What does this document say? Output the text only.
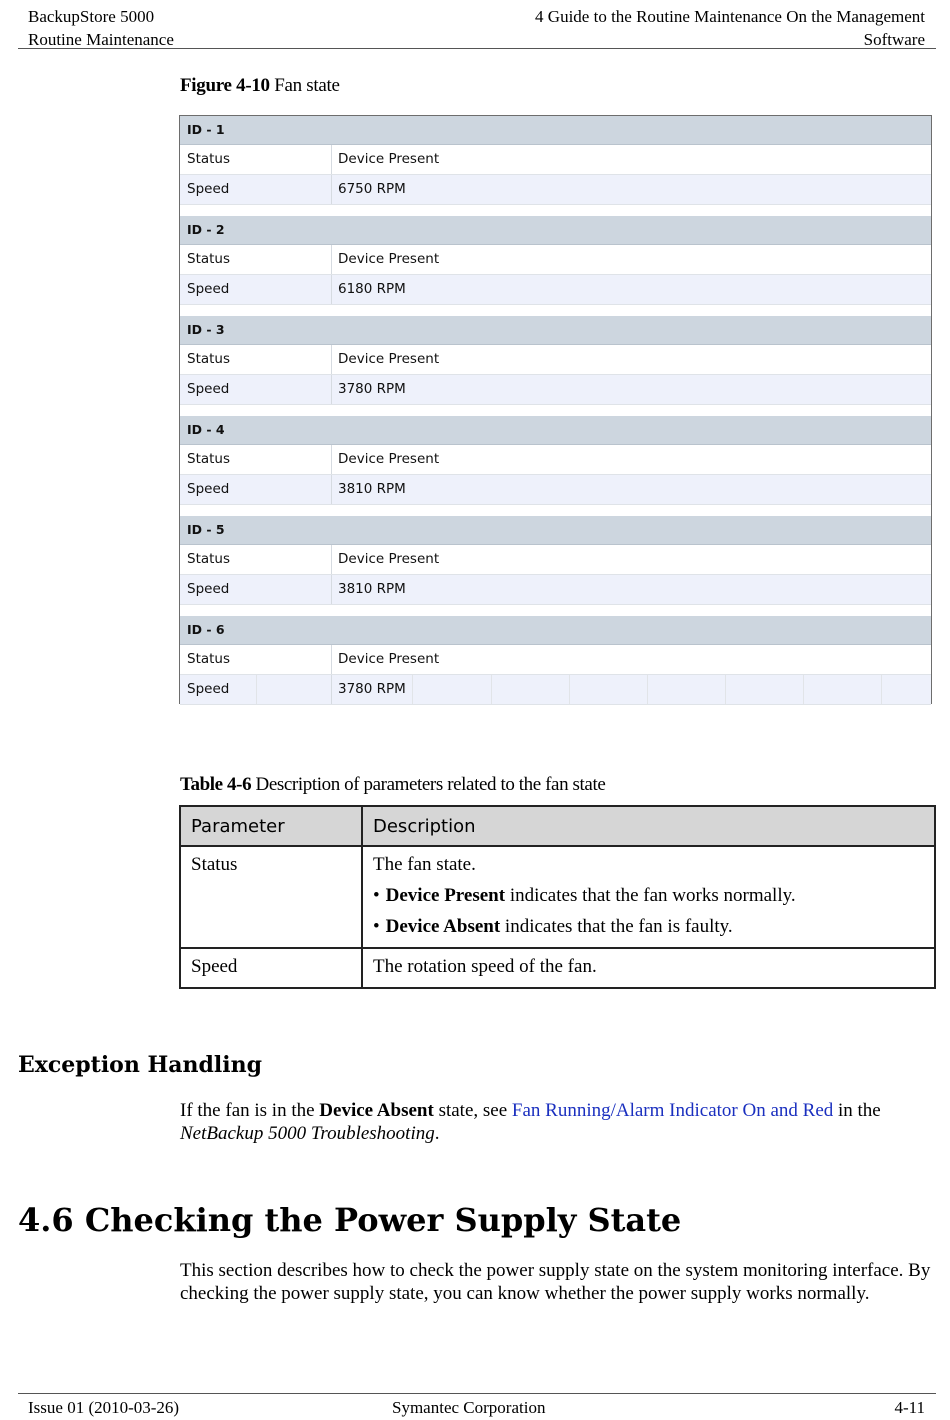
BackupStore 5000
Routine Maintenance
4 Guide to the Routine Maintenance On the Management
Software
Figure 4-10 Fan state
ID - 1
Status	Device Present
Speed	6750 RPM
ID - 2
Status	Device Present
Speed	6180 RPM
ID - 3
Status	Device Present
Speed	3780 RPM
ID - 4
Status	Device Present
Speed	3810 RPM
ID - 5
Status	Device Present
Speed	3810 RPM
ID - 6
Status	Device Present
Speed	3780 RPM
Table 4-6 Description of parameters related to the fan state
Parameter	Description
Status	The fan state.
• Device Present indicates that the fan works normally.
• Device Absent indicates that the fan is faulty.

Speed	The rotation speed of the fan.
Exception Handling
If the fan is in the Device Absent state, see Fan Running/Alarm Indicator On and Red in the NetBackup 5000 Troubleshooting.
4.6 Checking the Power Supply State
This section describes how to check the power supply state on the system monitoring interface. By checking the power supply state, you can know whether the power supply works normally.
Issue 01 (2010-03-26)	Symantec Corporation	4-11
